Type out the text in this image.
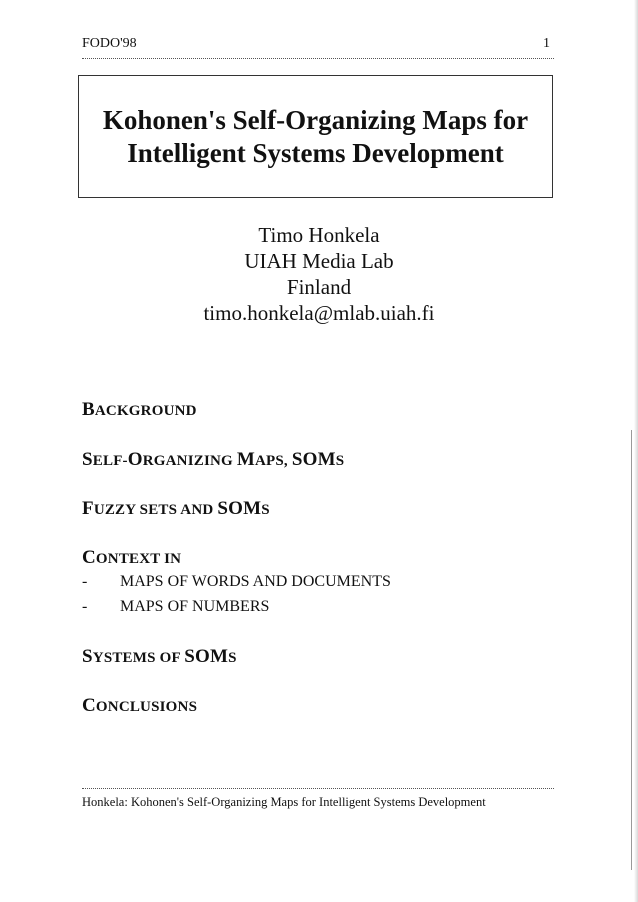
FODO'98	1
Kohonen's Self-Organizing Maps for
Intelligent Systems Development
Timo Honkela
UIAH Media Lab
Finland
timo.honkela@mlab.uiah.fi
BACKGROUND
SELF-ORGANIZING MAPS, SOMS
FUZZY SETS AND SOMS
CONTEXT IN
- MAPS OF WORDS AND DOCUMENTS
- MAPS OF NUMBERS
SYSTEMS OF SOMS
CONCLUSIONS
Honkela: Kohonen's Self-Organizing Maps for Intelligent Systems Development
